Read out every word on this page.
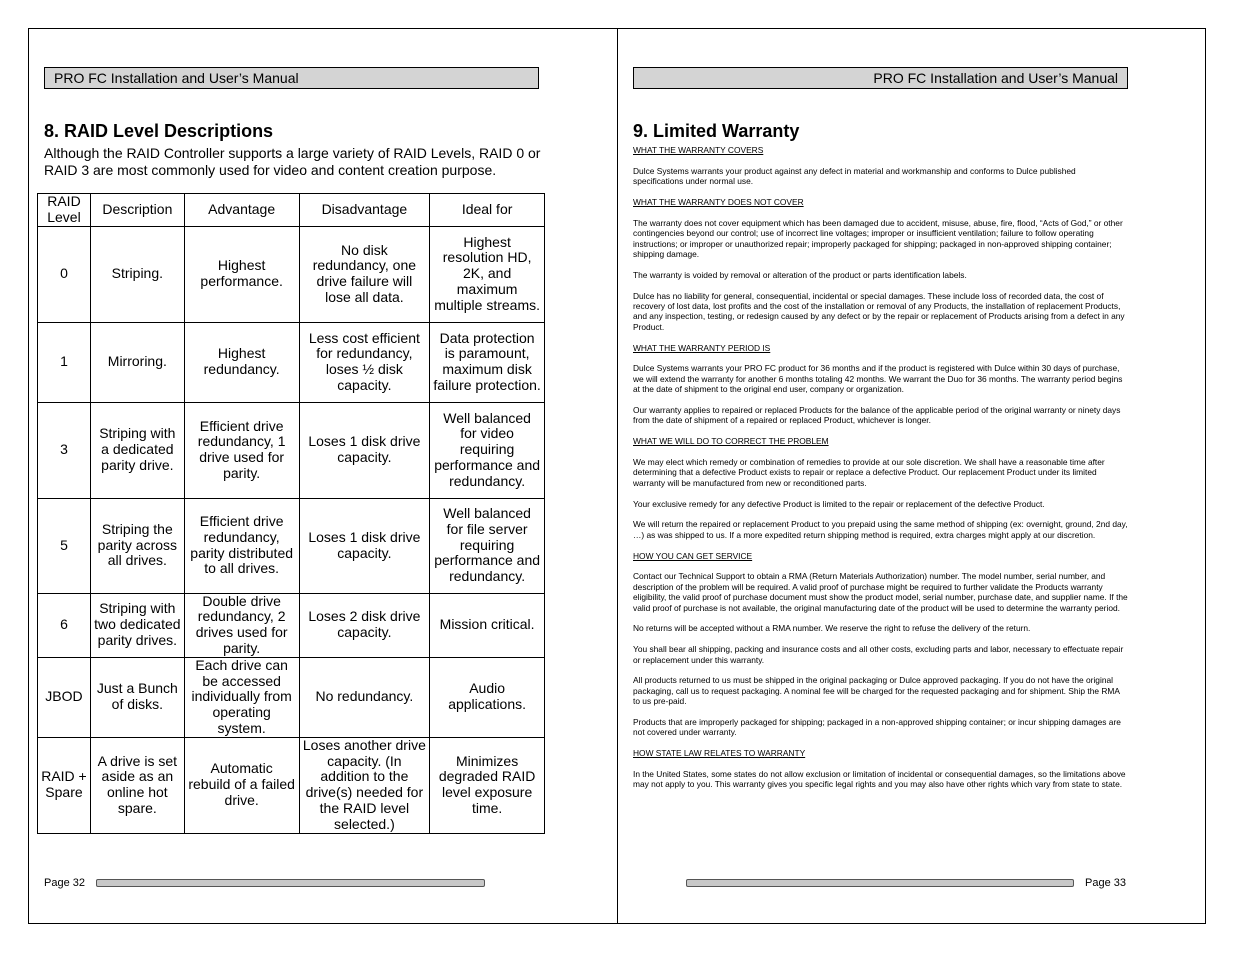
PRO FC Installation and User’s Manual
8. RAID Level Descriptions

Although the RAID Controller supports a large variety of RAID Levels, RAID 0 or RAID 3 are most commonly used for video and content creation purpose.

RAID Level	Description	Advantage	Disadvantage	Ideal for
0	Striping.	Highest performance.	No disk redundancy, one drive failure will lose all data.	Highest resolution HD, 2K, and maximum multiple streams.
1	Mirroring.	Highest redundancy.	Less cost efficient for redundancy, loses ½ disk capacity.	Data protection is paramount, maximum disk failure protection.
3	Striping with a dedicated parity drive.	Efficient drive redundancy, 1 drive used for parity.	Loses 1 disk drive capacity.	Well balanced for video requiring performance and redundancy.
5	Striping the parity across all drives.	Efficient drive redundancy, parity distributed to all drives.	Loses 1 disk drive capacity.	Well balanced for file server requiring performance and redundancy.
6	Striping with two dedicated parity drives.	Double drive redundancy, 2 drives used for parity.	Loses 2 disk drive capacity.	Mission critical.
JBOD	Just a Bunch of disks.	Each drive can be accessed individually from operating system.	No redundancy.	Audio applications.
RAID + Spare	A drive is set aside as an online hot spare.	Automatic rebuild of a failed drive.	Loses another drive capacity. (In addition to the drive(s) needed for the RAID level selected.)	Minimizes degraded RAID level exposure time.
Page 32
PRO FC Installation and User’s Manual
9. Limited Warranty
WHAT THE WARRANTY COVERS
Dulce Systems warrants your product against any defect in material and workmanship and conforms to Dulce published specifications under normal use.
WHAT THE WARRANTY DOES NOT COVER
The warranty does not cover equipment which has been damaged due to accident, misuse, abuse, fire, flood, “Acts of God,” or other contingencies beyond our control; use of incorrect line voltages; improper or insufficient ventilation; failure to follow operating instructions; or improper or unauthorized repair; improperly packaged for shipping; packaged in non-approved shipping container; shipping damage.
The warranty is voided by removal or alteration of the product or parts identification labels.
Dulce has no liability for general, consequential, incidental or special damages. These include loss of recorded data, the cost of recovery of lost data, lost profits and the cost of the installation or removal of any Products, the installation of replacement Products, and any inspection, testing, or redesign caused by any defect or by the repair or replacement of Products arising from a defect in any Product.
WHAT THE WARRANTY PERIOD IS
Dulce Systems warrants your PRO FC product for 36 months and if the product is registered with Dulce within 30 days of purchase, we will extend the warranty for another 6 months totaling 42 months. We warrant the Duo for 36 months. The warranty period begins at the date of shipment to the original end user, company or organization.
Our warranty applies to repaired or replaced Products for the balance of the applicable period of the original warranty or ninety days from the date of shipment of a repaired or replaced Product, whichever is longer.
WHAT WE WILL DO TO CORRECT THE PROBLEM
We may elect which remedy or combination of remedies to provide at our sole discretion. We shall have a reasonable time after determining that a defective Product exists to repair or replace a defective Product. Our replacement Product under its limited warranty will be manufactured from new or reconditioned parts.
Your exclusive remedy for any defective Product is limited to the repair or replacement of the defective Product.
We will return the repaired or replacement Product to you prepaid using the same method of shipping (ex: overnight, ground, 2nd day, …) as was shipped to us. If a more expedited return shipping method is required, extra charges might apply at our discretion.
HOW YOU CAN GET SERVICE
Contact our Technical Support to obtain a RMA (Return Materials Authorization) number. The model number, serial number, and description of the problem will be required. A valid proof of purchase might be required to further validate the Products warranty eligibility, the valid proof of purchase document must show the product model, serial number, purchase date, and supplier name. If the valid proof of purchase is not available, the original manufacturing date of the product will be used to determine the warranty period.
No returns will be accepted without a RMA number. We reserve the right to refuse the delivery of the return.
You shall bear all shipping, packing and insurance costs and all other costs, excluding parts and labor, necessary to effectuate repair or replacement under this warranty.
All products returned to us must be shipped in the original packaging or Dulce approved packaging. If you do not have the original packaging, call us to request packaging. A nominal fee will be charged for the requested packaging and for shipment. Ship the RMA to us pre-paid.
Products that are improperly packaged for shipping; packaged in a non-approved shipping container; or incur shipping damages are not covered under warranty.
HOW STATE LAW RELATES TO WARRANTY
In the United States, some states do not allow exclusion or limitation of incidental or consequential damages, so the limitations above may not apply to you. This warranty gives you specific legal rights and you may also have other rights which vary from state to state.
Page 33
